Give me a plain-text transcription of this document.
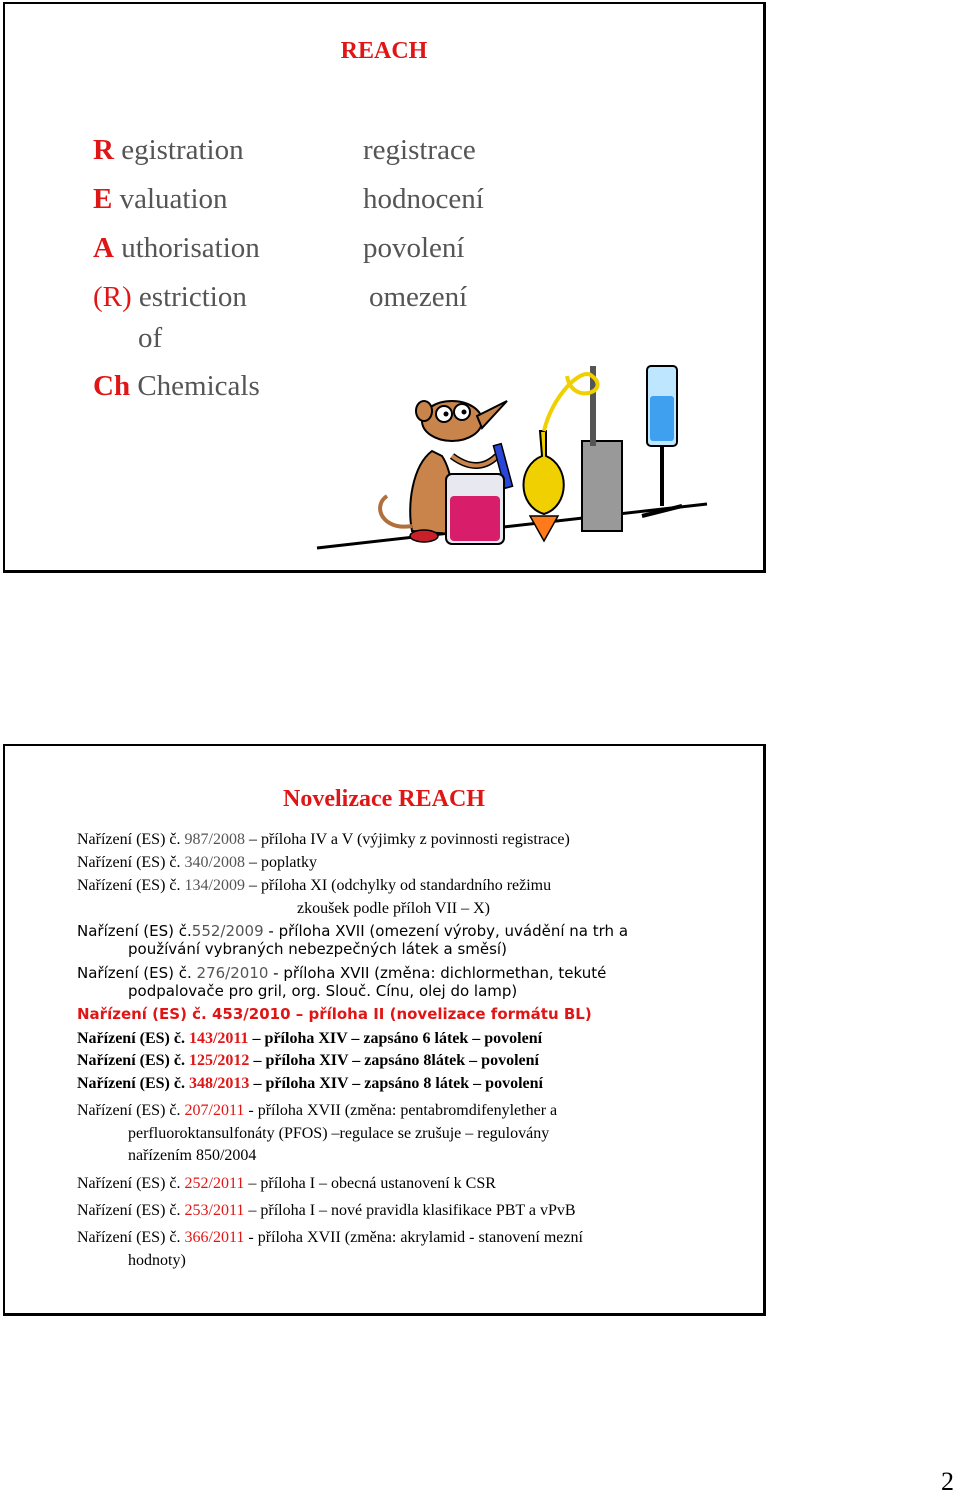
REACH
R egistration	registrace
E valuation	hodnocení
A uthorisation	povolení
(R) estriction	omezení
of
Ch Chemicals
Novelizace REACH
Nařízení (ES) č. 987/2008 – příloha IV a V (výjimky z povinnosti registrace)
Nařízení (ES) č. 340/2008 – poplatky
Nařízení (ES) č. 134/2009 – příloha XI (odchylky od standardního režimu
zkoušek podle příloh VII – X)
Nařízení (ES) č.552/2009 - příloha XVII (omezení výroby, uvádění na trh a
používání vybraných nebezpečných látek a směsí)
Nařízení (ES) č. 276/2010 - příloha XVII (změna: dichlormethan, tekuté
podpalovače pro gril, org. Slouč. Cínu, olej do lamp)
Nařízení (ES) č. 453/2010 – příloha II (novelizace formátu BL)
Nařízení (ES) č. 143/2011 – příloha XIV – zapsáno 6 látek – povolení
Nařízení (ES) č. 125/2012 – příloha XIV – zapsáno 8látek – povolení
Nařízení (ES) č. 348/2013 – příloha XIV – zapsáno 8 látek – povolení
Nařízení (ES) č. 207/2011 - příloha XVII (změna: pentabromdifenylether a
perfluoroktansulfonáty (PFOS) –regulace se zrušuje – regulovány
nařízením 850/2004
Nařízení (ES) č. 252/2011 – příloha I – obecná ustanovení k CSR
Nařízení (ES) č. 253/2011 – příloha I – nové pravidla klasifikace PBT a vPvB
Nařízení (ES) č. 366/2011 - příloha XVII (změna: akrylamid - stanovení mezní
hodnoty)
2
